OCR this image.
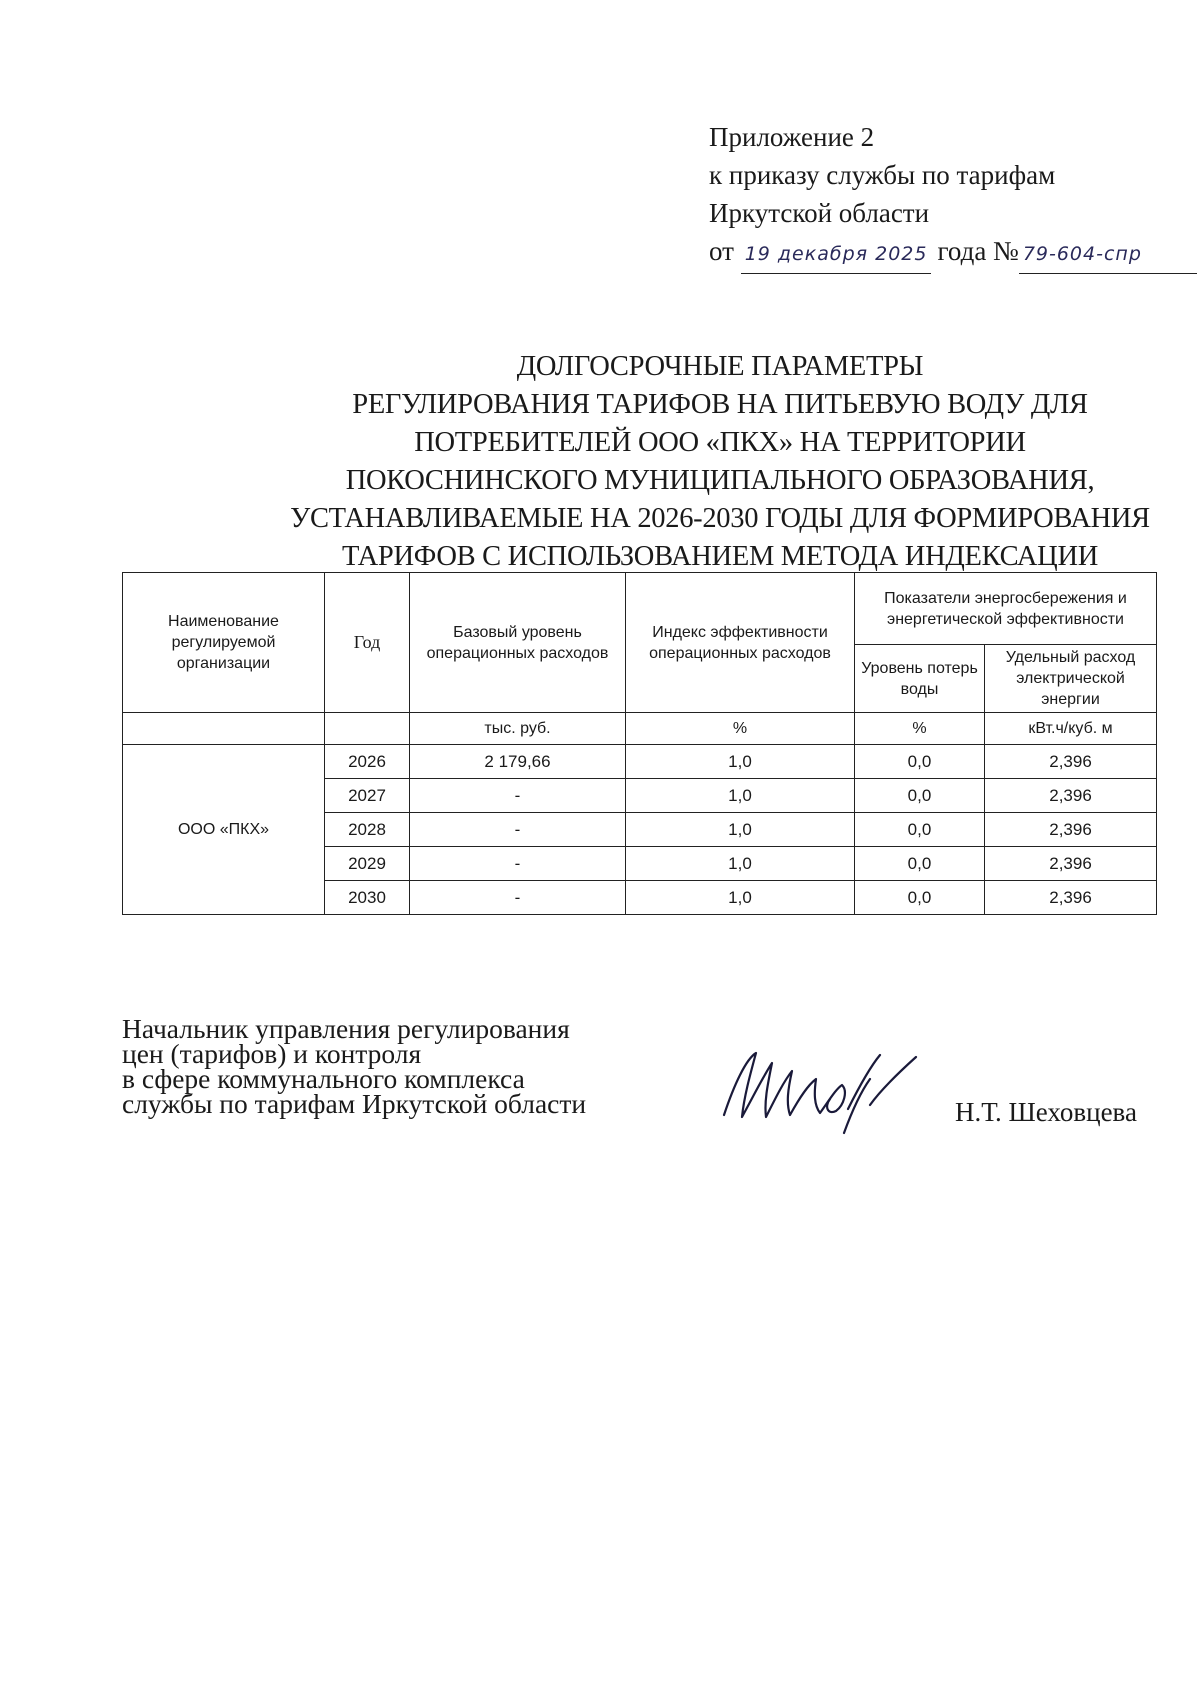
Приложение 2
к приказу службы по тарифам
Иркутской области
от 19 декабря 2025 года № 79-604-спр
ДОЛГОСРОЧНЫЕ ПАРАМЕТРЫ
РЕГУЛИРОВАНИЯ ТАРИФОВ НА ПИТЬЕВУЮ ВОДУ ДЛЯ
ПОТРЕБИТЕЛЕЙ ООО «ПКХ» НА ТЕРРИТОРИИ
ПОКОСНИНСКОГО МУНИЦИПАЛЬНОГО ОБРАЗОВАНИЯ,
УСТАНАВЛИВАЕМЫЕ НА 2026-2030 ГОДЫ ДЛЯ ФОРМИРОВАНИЯ
ТАРИФОВ С ИСПОЛЬЗОВАНИЕМ МЕТОДА ИНДЕКСАЦИИ
Наименование регулируемой организации	Год	Базовый уровень операционных расходов	Индекс эффективности операционных расходов	Показатели энергосбережения и энергетической эффективности	
				Уровень потерь воды	Удельный расход электрической энергии
		тыс. руб.	%	%	кВт.ч/куб. м
ООО «ПКХ»	2026	2 179,66	1,0	0,0	2,396
	2027	-	1,0	0,0	2,396
	2028	-	1,0	0,0	2,396
	2029	-	1,0	0,0	2,396
	2030	-	1,0	0,0	2,396
Начальник управления регулирования
цен (тарифов) и контроля
в сфере коммунального комплекса
службы по тарифам Иркутской области	Н.Т. Шеховцева
